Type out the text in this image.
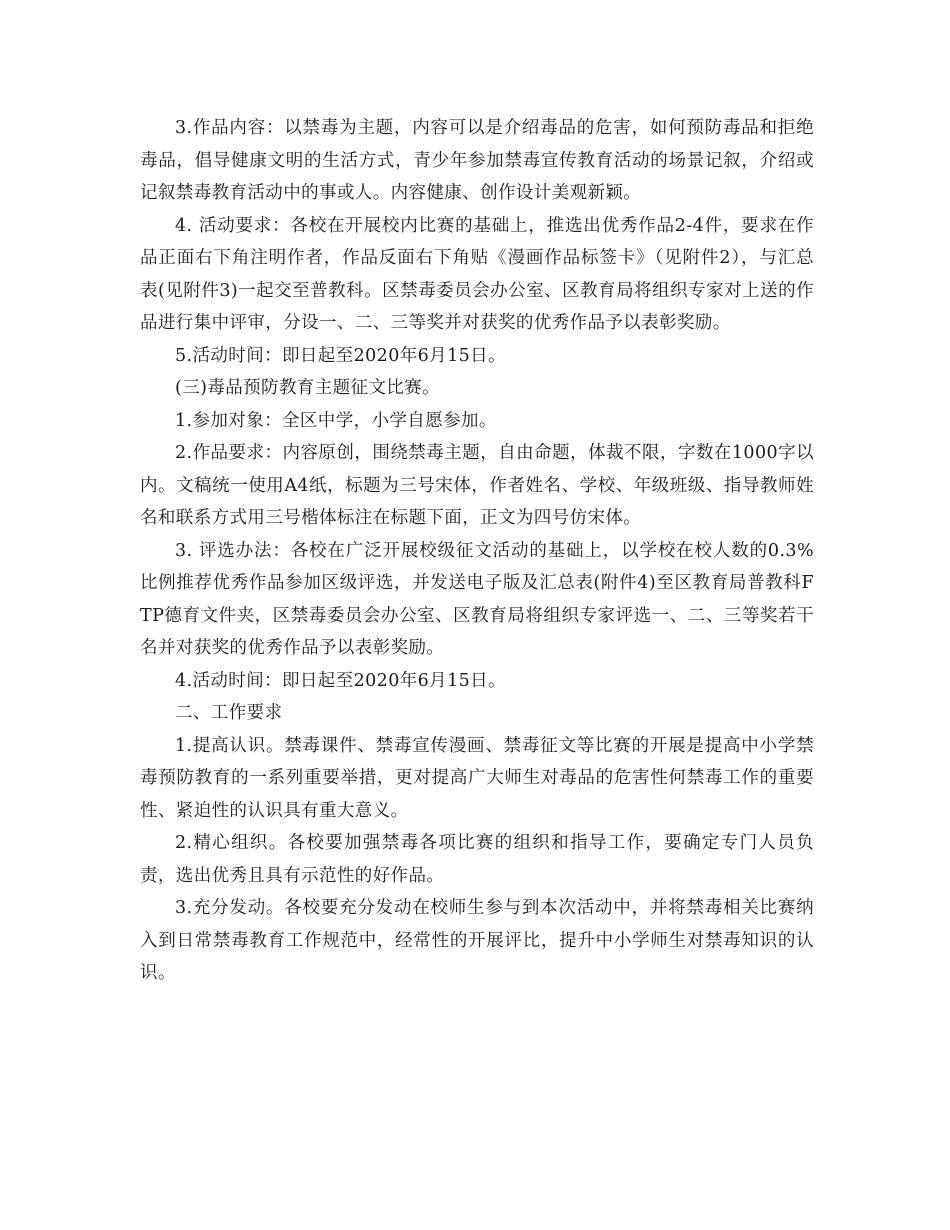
3.作品内容：以禁毒为主题，内容可以是介绍毒品的危害，如何预防毒品和拒绝毒品，倡导健康文明的生活方式，青少年参加禁毒宣传教育活动的场景记叙，介绍或记叙禁毒教育活动中的事或人。内容健康、创作设计美观新颖。

4. 活动要求：各校在开展校内比赛的基础上，推选出优秀作品2-4件，要求在作品正面右下角注明作者，作品反面右下角贴《漫画作品标签卡》（见附件2），与汇总表(见附件3)一起交至普教科。区禁毒委员会办公室、区教育局将组织专家对上送的作品进行集中评审，分设一、二、三等奖并对获奖的优秀作品予以表彰奖励。

5.活动时间：即日起至2020年6月15日。

(三)毒品预防教育主题征文比赛。

1.参加对象：全区中学，小学自愿参加。

2.作品要求：内容原创，围绕禁毒主题，自由命题，体裁不限，字数在1000字以内。文稿统一使用A4纸，标题为三号宋体，作者姓名、学校、年级班级、指导教师姓名和联系方式用三号楷体标注在标题下面，正文为四号仿宋体。

3. 评选办法：各校在广泛开展校级征文活动的基础上，以学校在校人数的0.3%比例推荐优秀作品参加区级评选，并发送电子版及汇总表(附件4)至区教育局普教科FTP德育文件夹，区禁毒委员会办公室、区教育局将组织专家评选一、二、三等奖若干名并对获奖的优秀作品予以表彰奖励。

4.活动时间：即日起至2020年6月15日。

二、工作要求

1.提高认识。禁毒课件、禁毒宣传漫画、禁毒征文等比赛的开展是提高中小学禁毒预防教育的一系列重要举措，更对提高广大师生对毒品的危害性何禁毒工作的重要性、紧迫性的认识具有重大意义。

2.精心组织。各校要加强禁毒各项比赛的组织和指导工作，要确定专门人员负责，选出优秀且具有示范性的好作品。

3.充分发动。各校要充分发动在校师生参与到本次活动中，并将禁毒相关比赛纳入到日常禁毒教育工作规范中，经常性的开展评比，提升中小学师生对禁毒知识的认识。
